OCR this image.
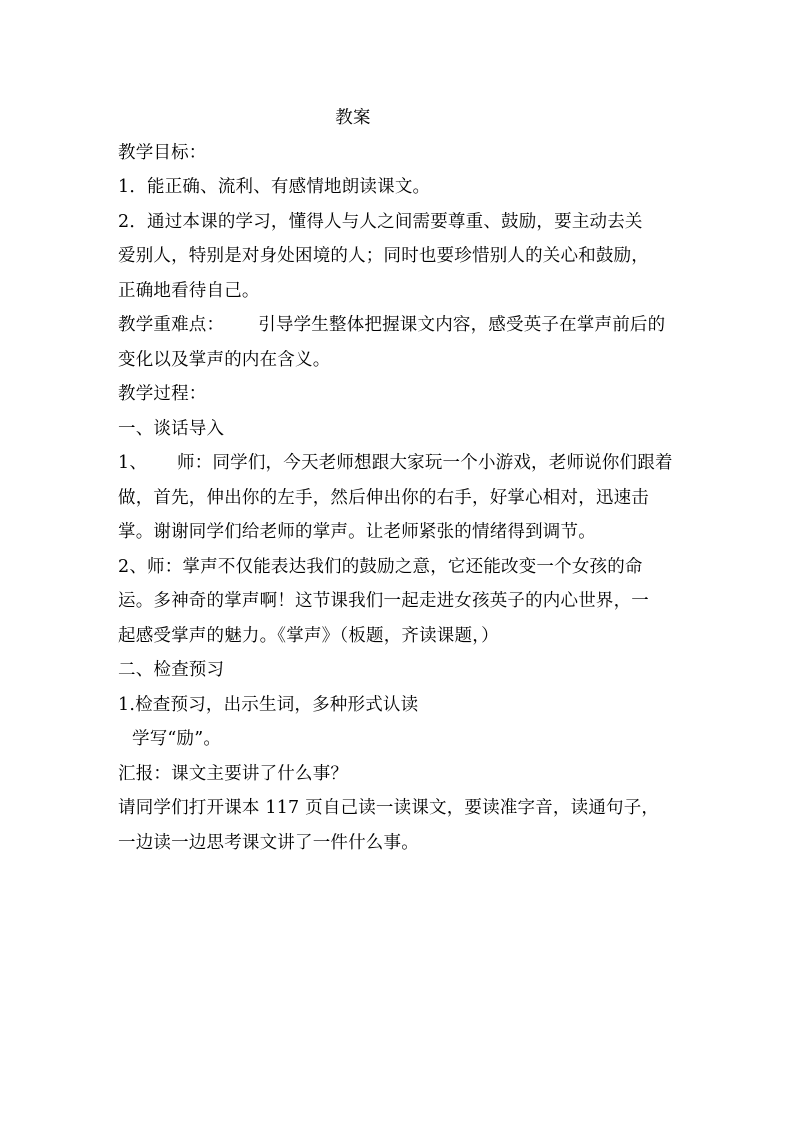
教案
教学目标：
1．能正确、流利、有感情地朗读课文。
2．通过本课的学习，懂得人与人之间需要尊重、鼓励，要主动去关
爱别人，特别是对身处困境的人；同时也要珍惜别人的关心和鼓励，
正确地看待自己。
教学重难点： 引导学生整体把握课文内容，感受英子在掌声前后的
变化以及掌声的内在含义。
教学过程：
一、谈话导入
1、 师：同学们，今天老师想跟大家玩一个小游戏，老师说你们跟着
做，首先，伸出你的左手，然后伸出你的右手，好掌心相对，迅速击
掌。谢谢同学们给老师的掌声。让老师紧张的情绪得到调节。
2、师：掌声不仅能表达我们的鼓励之意，它还能改变一个女孩的命
运。多神奇的掌声啊！这节课我们一起走进女孩英子的内心世界，一
起感受掌声的魅力。《掌声》（板题，齐读课题，）
二、检查预习
1.检查预习，出示生词，多种形式认读
学写“励”。
汇报：课文主要讲了什么事？
请同学们打开课本 117 页自己读一读课文，要读准字音，读通句子，
一边读一边思考课文讲了一件什么事。
